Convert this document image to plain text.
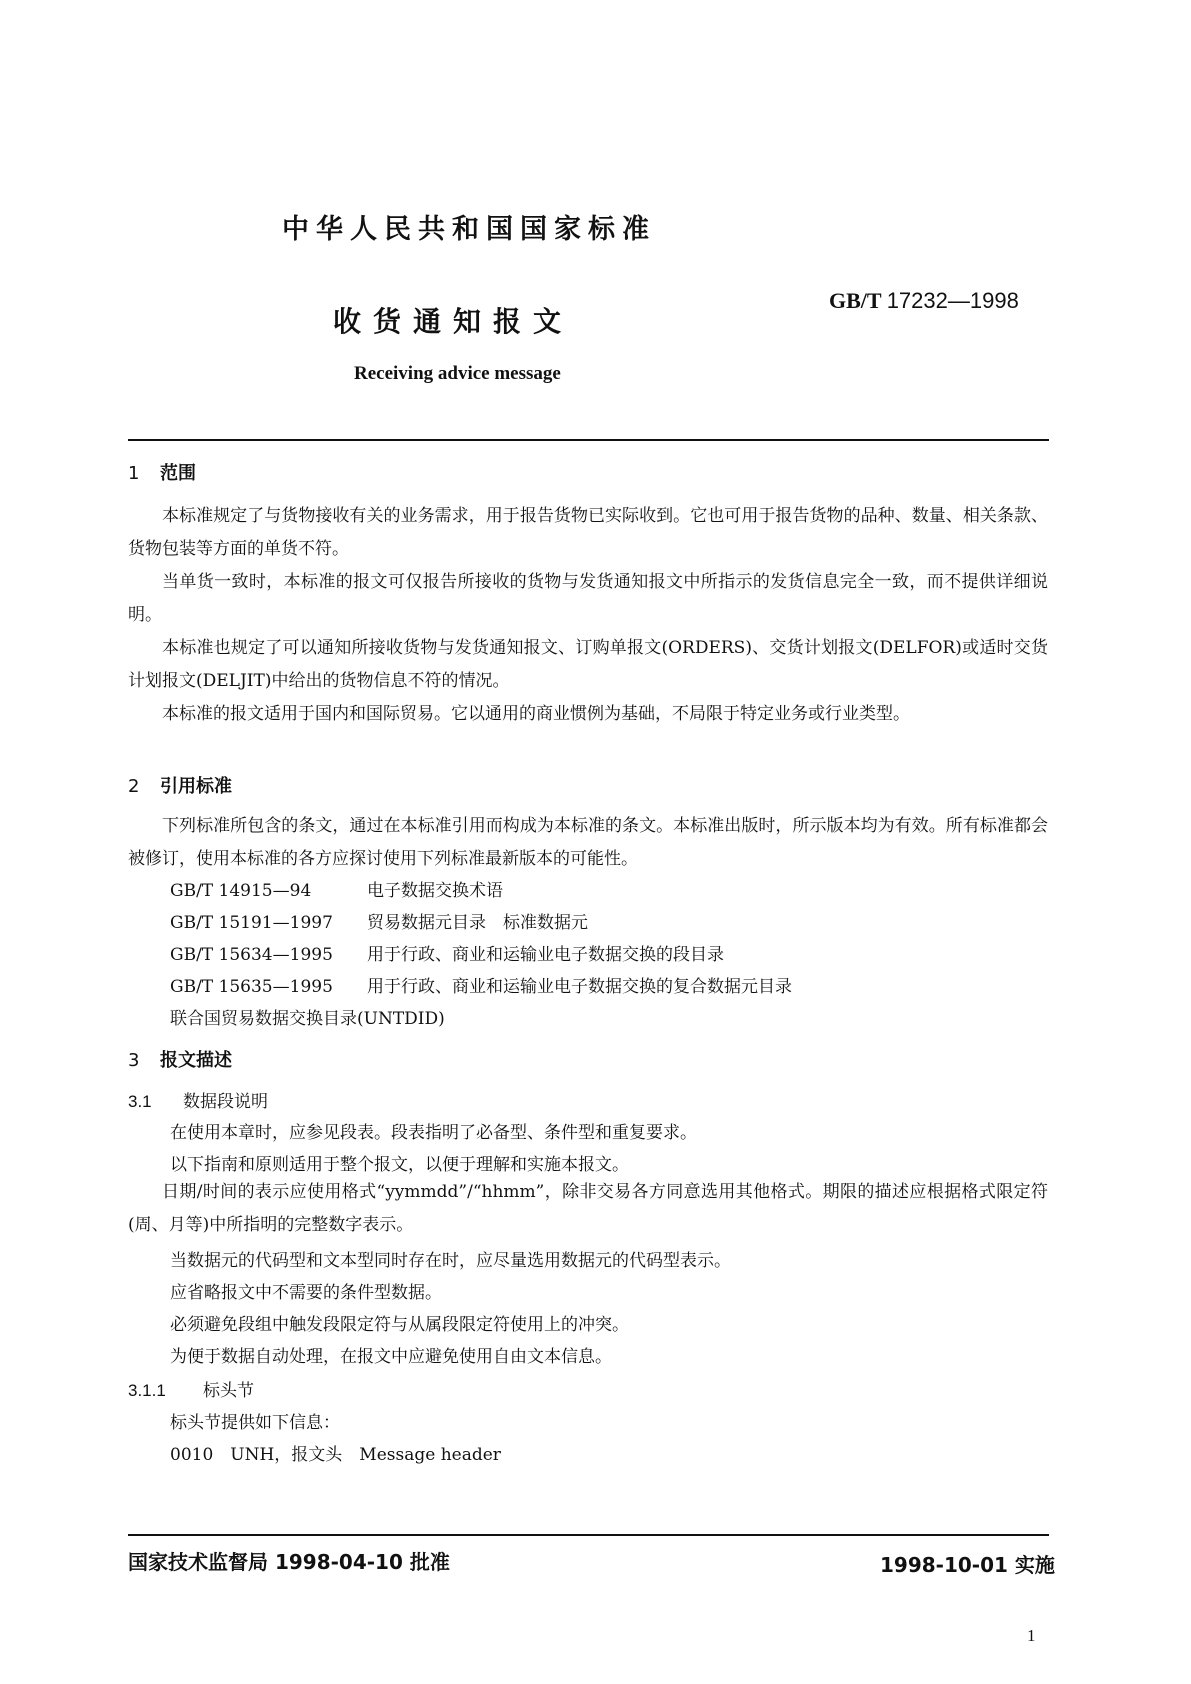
中华人民共和国国家标准
GB/T 17232—1998
收货通知报文
Receiving advice message
1 范围
本标准规定了与货物接收有关的业务需求，用于报告货物已实际收到。它也可用于报告货物的品种、数量、相关条款、货物包装等方面的单货不符。
当单货一致时，本标准的报文可仅报告所接收的货物与发货通知报文中所指示的发货信息完全一致，而不提供详细说明。
本标准也规定了可以通知所接收货物与发货通知报文、订购单报文(ORDERS)、交货计划报文(DELFOR)或适时交货计划报文(DELJIT)中给出的货物信息不符的情况。
本标准的报文适用于国内和国际贸易。它以通用的商业惯例为基础，不局限于特定业务或行业类型。
2 引用标准
下列标准所包含的条文，通过在本标准引用而构成为本标准的条文。本标准出版时，所示版本均为有效。所有标准都会被修订，使用本标准的各方应探讨使用下列标准最新版本的可能性。
GB/T 14915—94	电子数据交换术语
GB/T 15191—1997 贸易数据元目录　标准数据元
GB/T 15634—1995 用于行政、商业和运输业电子数据交换的段目录
GB/T 15635—1995 用于行政、商业和运输业电子数据交换的复合数据元目录
联合国贸易数据交换目录(UNTDID)
3 报文描述
3.1 数据段说明
在使用本章时，应参见段表。段表指明了必备型、条件型和重复要求。
以下指南和原则适用于整个报文，以便于理解和实施本报文。
日期/时间的表示应使用格式“yymmdd”/“hhmm”，除非交易各方同意选用其他格式。期限的描述应根据格式限定符(周、月等)中所指明的完整数字表示。
当数据元的代码型和文本型同时存在时，应尽量选用数据元的代码型表示。
应省略报文中不需要的条件型数据。
必须避免段组中触发段限定符与从属段限定符使用上的冲突。
为便于数据自动处理，在报文中应避免使用自由文本信息。
3.1.1 标头节
标头节提供如下信息：
0010　UNH，报文头　Message header
国家技术监督局 1998-04-10 批准	1998-10-01 实施
1
